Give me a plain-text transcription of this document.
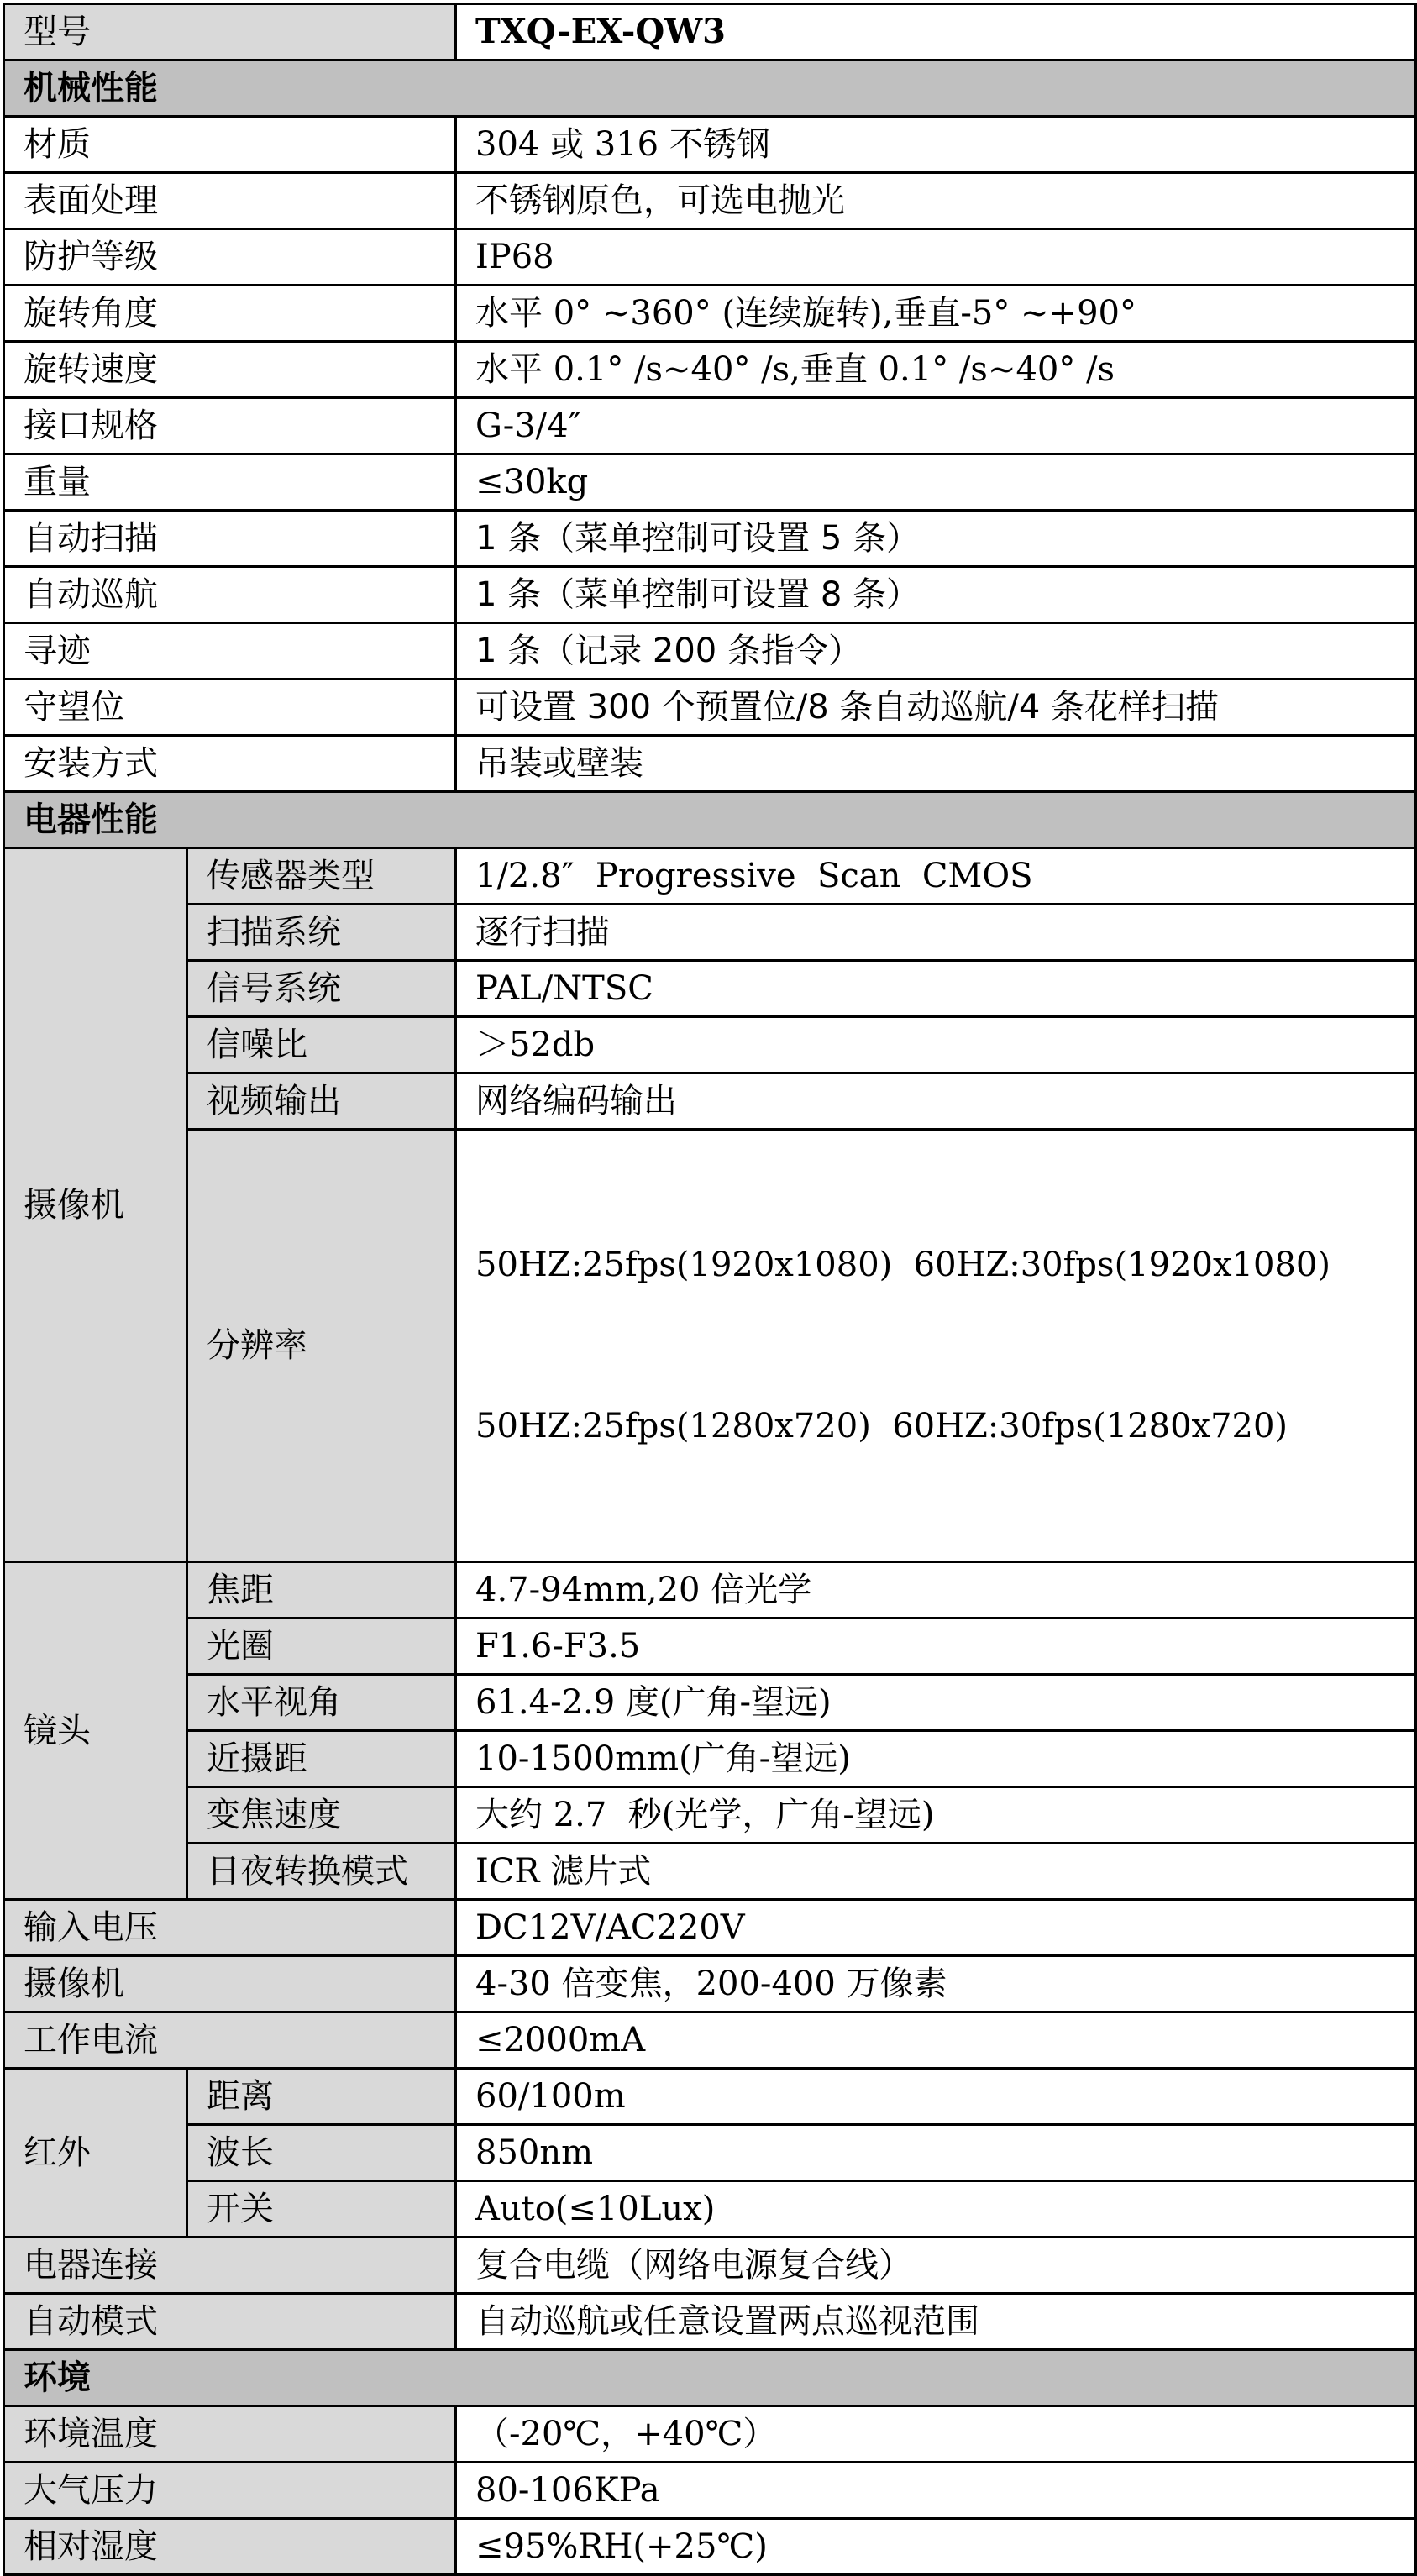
型号		TXQ-EX-QW3
机械性能		
材质		304 或 316 不锈钢
表面处理		不锈钢原色，可选电抛光
防护等级		IP68
旋转角度		水平 0° ~360° (连续旋转),垂直-5° ~+90°
旋转速度		水平 0.1° /s~40° /s,垂直 0.1° /s~40° /s
接口规格		G-3/4″
重量		≤30kg
自动扫描		1 条（菜单控制可设置 5 条）
自动巡航		1 条（菜单控制可设置 8 条）
寻迹		1 条（记录 200 条指令）
守望位		可设置 300 个预置位/8 条自动巡航/4 条花样扫描
安装方式		吊装或壁装
电器性能		
摄像机	传感器类型	1/2.8″  Progressive  Scan  CMOS
	扫描系统	逐行扫描
	信号系统	PAL/NTSC
	信噪比	＞52db
	视频输出	网络编码输出
	分辨率	50HZ:25fps(1920x1080)  60HZ:30fps(1920x1080)

50HZ:25fps(1280x720)  60HZ:30fps(1280x720)

镜头	焦距	4.7-94mm,20 倍光学
	光圈	F1.6-F3.5
	水平视角	61.4-2.9 度(广角-望远)
	近摄距	10-1500mm(广角-望远)
	变焦速度	大约 2.7  秒(光学，广角-望远)
	日夜转换模式	ICR 滤片式
输入电压		DC12V/AC220V
摄像机		4-30 倍变焦，200-400 万像素
工作电流		≤2000mA
红外	距离	60/100m
	波长	850nm
	开关	Auto(≤10Lux)
电器连接		复合电缆（网络电源复合线）
自动模式		自动巡航或任意设置两点巡视范围
环境		
环境温度		（-20℃，+40℃）
大气压力		80-106KPa
相对湿度		≤95%RH(+25℃)
